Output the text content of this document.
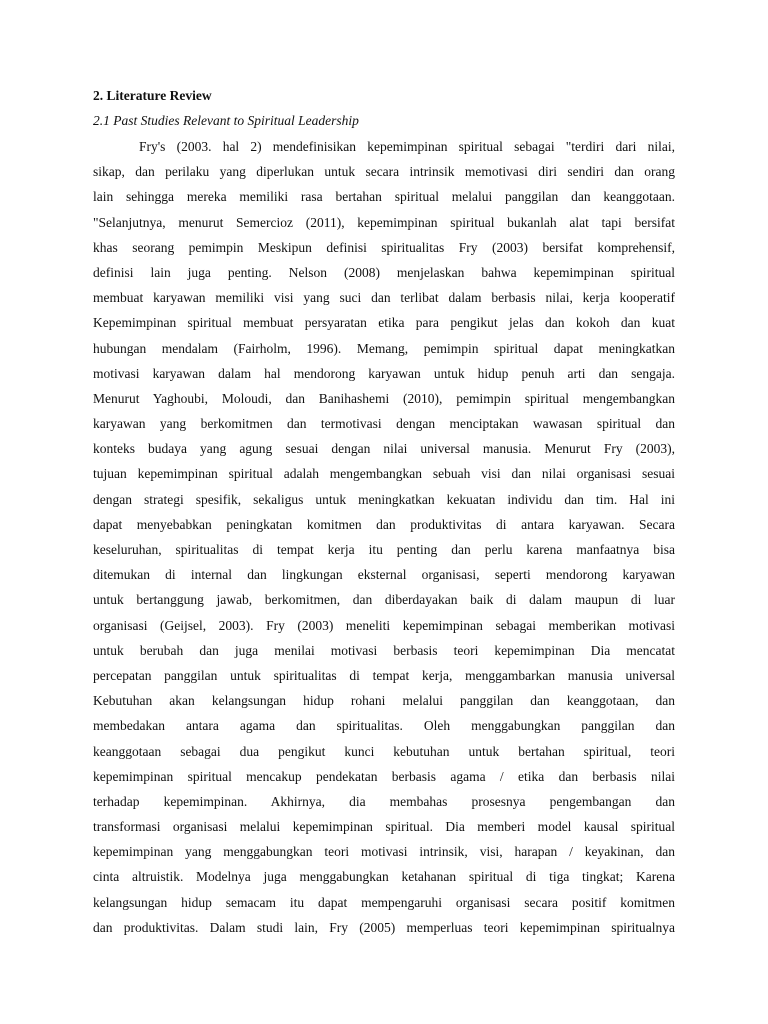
2. Literature Review
2.1 Past Studies Relevant to Spiritual Leadership
Fry's (2003. hal 2) mendefinisikan kepemimpinan spiritual sebagai "terdiri dari nilai,
sikap, dan perilaku yang diperlukan untuk secara intrinsik memotivasi diri sendiri dan orang
lain sehingga mereka memiliki rasa bertahan spiritual melalui panggilan dan keanggotaan.
"Selanjutnya, menurut Semercioz (2011), kepemimpinan spiritual bukanlah alat tapi bersifat
khas seorang pemimpin Meskipun definisi spiritualitas Fry (2003) bersifat komprehensif,
definisi lain juga penting. Nelson (2008) menjelaskan bahwa kepemimpinan spiritual
membuat karyawan memiliki visi yang suci dan terlibat dalam berbasis nilai, kerja kooperatif
Kepemimpinan spiritual membuat persyaratan etika para pengikut jelas dan kokoh dan kuat
hubungan mendalam (Fairholm, 1996). Memang, pemimpin spiritual dapat meningkatkan
motivasi karyawan dalam hal mendorong karyawan untuk hidup penuh arti dan sengaja.
Menurut Yaghoubi, Moloudi, dan Banihashemi (2010), pemimpin spiritual mengembangkan
karyawan yang berkomitmen dan termotivasi dengan menciptakan wawasan spiritual dan
konteks budaya yang agung sesuai dengan nilai universal manusia. Menurut Fry (2003),
tujuan kepemimpinan spiritual adalah mengembangkan sebuah visi dan nilai organisasi sesuai
dengan strategi spesifik, sekaligus untuk meningkatkan kekuatan individu dan tim. Hal ini
dapat menyebabkan peningkatan komitmen dan produktivitas di antara karyawan. Secara
keseluruhan, spiritualitas di tempat kerja itu penting dan perlu karena manfaatnya bisa
ditemukan di internal dan lingkungan eksternal organisasi, seperti mendorong karyawan
untuk bertanggung jawab, berkomitmen, dan diberdayakan baik di dalam maupun di luar
organisasi (Geijsel, 2003). Fry (2003) meneliti kepemimpinan sebagai memberikan motivasi
untuk berubah dan juga menilai motivasi berbasis teori kepemimpinan Dia mencatat
percepatan panggilan untuk spiritualitas di tempat kerja, menggambarkan manusia universal
Kebutuhan akan kelangsungan hidup rohani melalui panggilan dan keanggotaan, dan
membedakan antara agama dan spiritualitas. Oleh menggabungkan panggilan dan
keanggotaan sebagai dua pengikut kunci kebutuhan untuk bertahan spiritual, teori
kepemimpinan spiritual mencakup pendekatan berbasis agama / etika dan berbasis nilai
terhadap kepemimpinan. Akhirnya, dia membahas prosesnya pengembangan dan
transformasi organisasi melalui kepemimpinan spiritual. Dia memberi model kausal spiritual
kepemimpinan yang menggabungkan teori motivasi intrinsik, visi, harapan / keyakinan, dan
cinta altruistik. Modelnya juga menggabungkan ketahanan spiritual di tiga tingkat; Karena
kelangsungan hidup semacam itu dapat mempengaruhi organisasi secara positif komitmen
dan produktivitas. Dalam studi lain, Fry (2005) memperluas teori kepemimpinan spiritualnya
